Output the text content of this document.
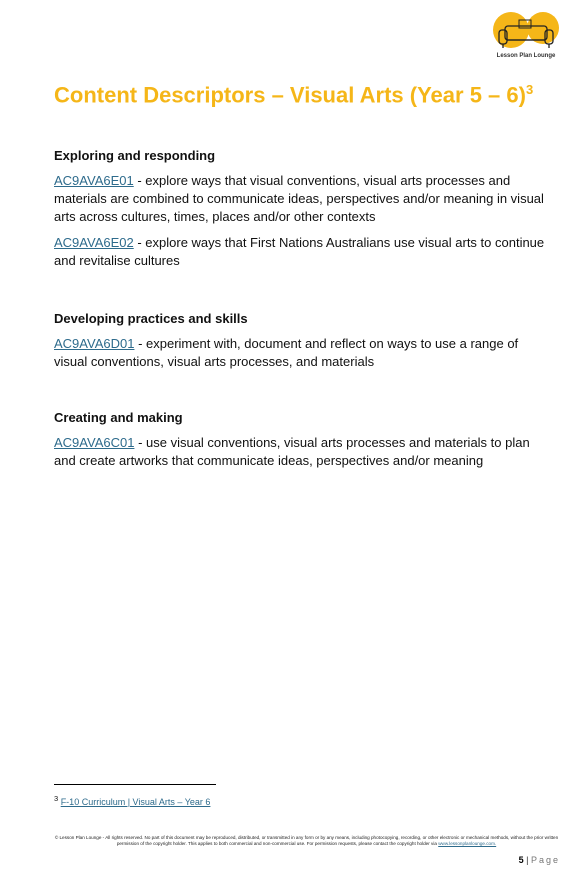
Lesson Plan Lounge
Content Descriptors – Visual Arts (Year 5 – 6)$^3$

Exploring and responding

AC9AVA6E01 - explore ways that visual conventions, visual arts processes and materials are combined to communicate ideas, perspectives and/or meaning in visual arts across cultures, times, places and/or other contexts

AC9AVA6E02 - explore ways that First Nations Australians use visual arts to continue and revitalise cultures

Developing practices and skills

AC9AVA6D01 - experiment with, document and reflect on ways to use a range of visual conventions, visual arts processes, and materials

Creating and making

AC9AVA6C01 - use visual conventions, visual arts processes and materials to plan and create artworks that communicate ideas, perspectives and/or meaning

$^3$ F-10 Curriculum | Visual Arts – Year 6
© Lesson Plan Lounge - All rights reserved. No part of this document may be reproduced, distributed, or transmitted in any form or by any means, including photocopying, recording, or other electronic or mechanical methods, without the prior written permission of the copyright holder. This applies to both commercial and non-commercial use. For permission requests, please contact the copyright holder via www.lessonplanlounge.com.
5 | Page
